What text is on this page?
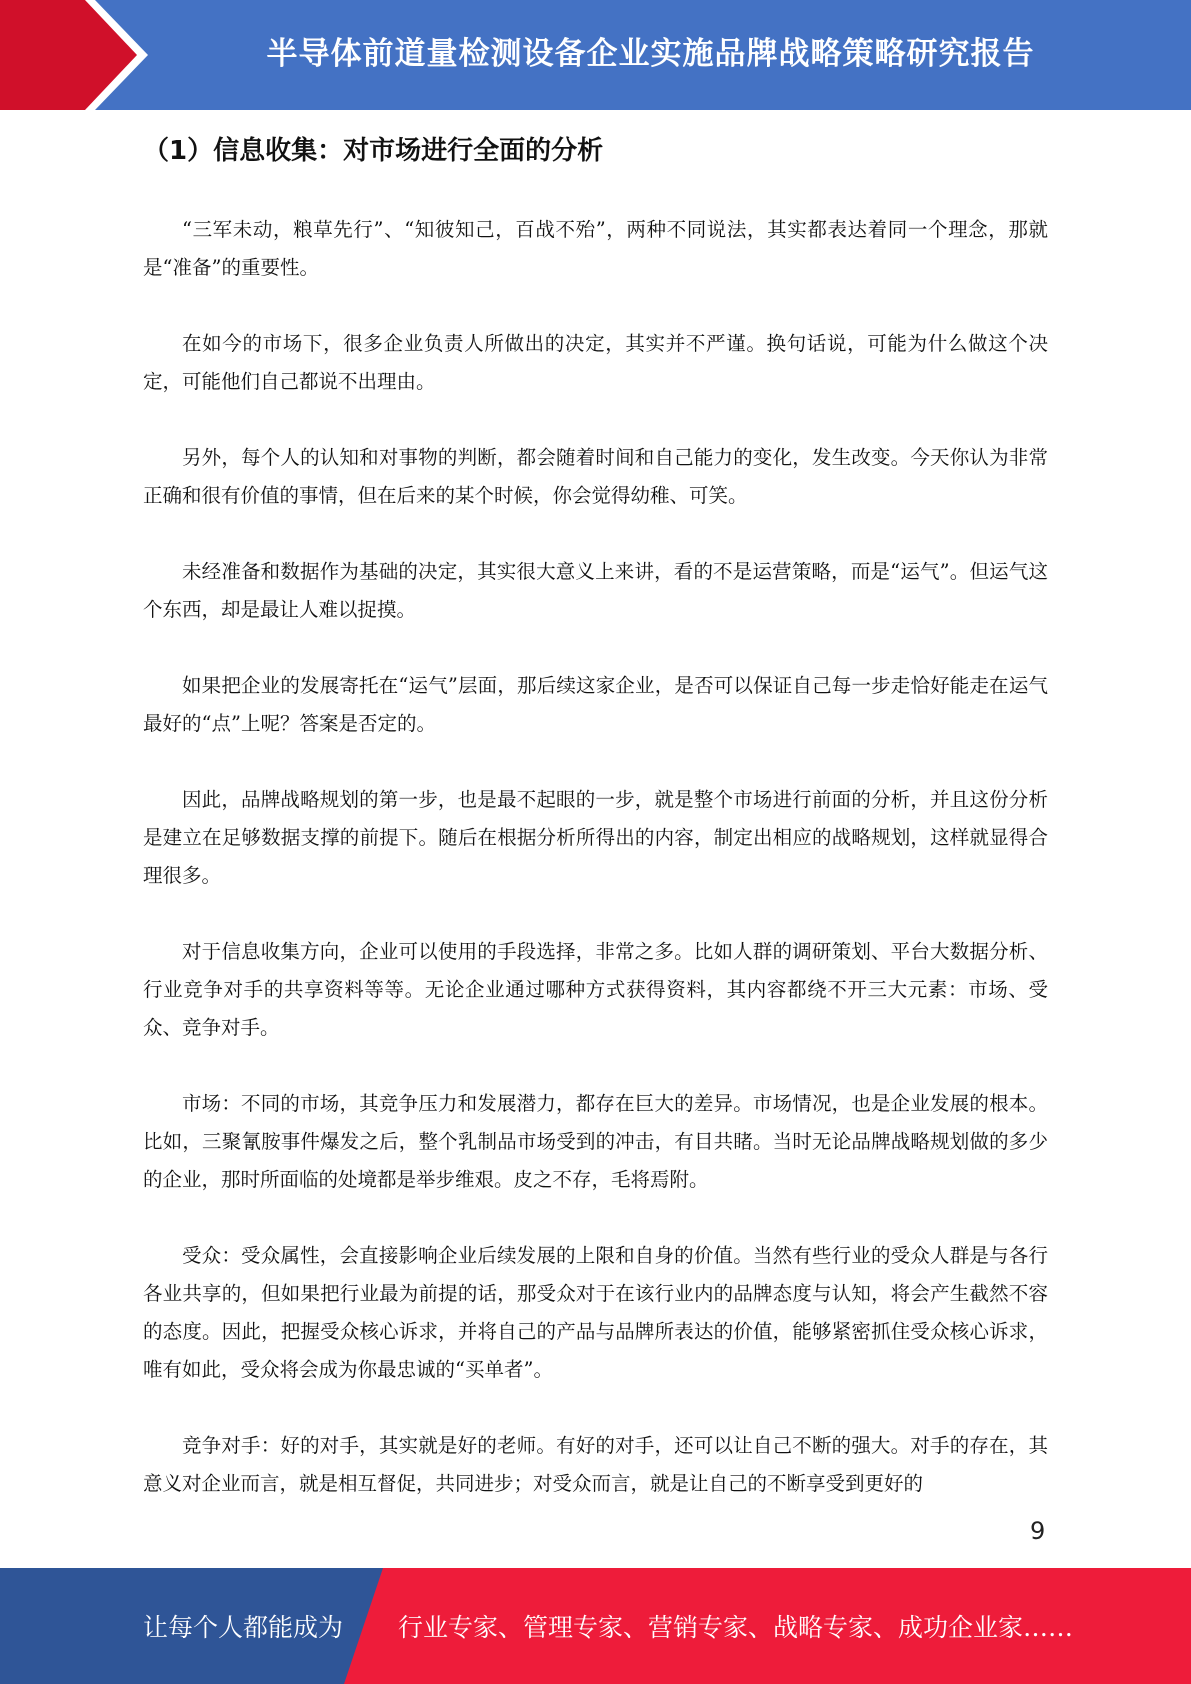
半导体前道量检测设备企业实施品牌战略策略研究报告
（1）信息收集：对市场进行全面的分析

“三军未动，粮草先行”、“知彼知己，百战不殆”，两种不同说法，其实都表达着同一个理念，那就是“准备”的重要性。

在如今的市场下，很多企业负责人所做出的决定，其实并不严谨。换句话说，可能为什么做这个决定，可能他们自己都说不出理由。

另外，每个人的认知和对事物的判断，都会随着时间和自己能力的变化，发生改变。今天你认为非常正确和很有价值的事情，但在后来的某个时候，你会觉得幼稚、可笑。

未经准备和数据作为基础的决定，其实很大意义上来讲，看的不是运营策略，而是“运气”。但运气这个东西，却是最让人难以捉摸。

如果把企业的发展寄托在“运气”层面，那后续这家企业，是否可以保证自己每一步走恰好能走在运气最好的“点”上呢？答案是否定的。

因此，品牌战略规划的第一步，也是最不起眼的一步，就是整个市场进行前面的分析，并且这份分析是建立在足够数据支撑的前提下。随后在根据分析所得出的内容，制定出相应的战略规划，这样就显得合理很多。

对于信息收集方向，企业可以使用的手段选择，非常之多。比如人群的调研策划、平台大数据分析、行业竞争对手的共享资料等等。无论企业通过哪种方式获得资料，其内容都绕不开三大元素：市场、受众、竞争对手。

市场：不同的市场，其竞争压力和发展潜力，都存在巨大的差异。市场情况，也是企业发展的根本。比如，三聚氰胺事件爆发之后，整个乳制品市场受到的冲击，有目共睹。当时无论品牌战略规划做的多少的企业，那时所面临的处境都是举步维艰。皮之不存，毛将焉附。

受众：受众属性，会直接影响企业后续发展的上限和自身的价值。当然有些行业的受众人群是与各行各业共享的，但如果把行业最为前提的话，那受众对于在该行业内的品牌态度与认知，将会产生截然不容的态度。因此，把握受众核心诉求，并将自己的产品与品牌所表达的价值，能够紧密抓住受众核心诉求，唯有如此，受众将会成为你最忠诚的“买单者”。

竞争对手：好的对手，其实就是好的老师。有好的对手，还可以让自己不断的强大。对手的存在，其意义对企业而言，就是相互督促，共同进步；对受众而言，就是让自己的不断享受到更好的

9
让每个人都能成为 行业专家、管理专家、营销专家、战略专家、成功企业家……
